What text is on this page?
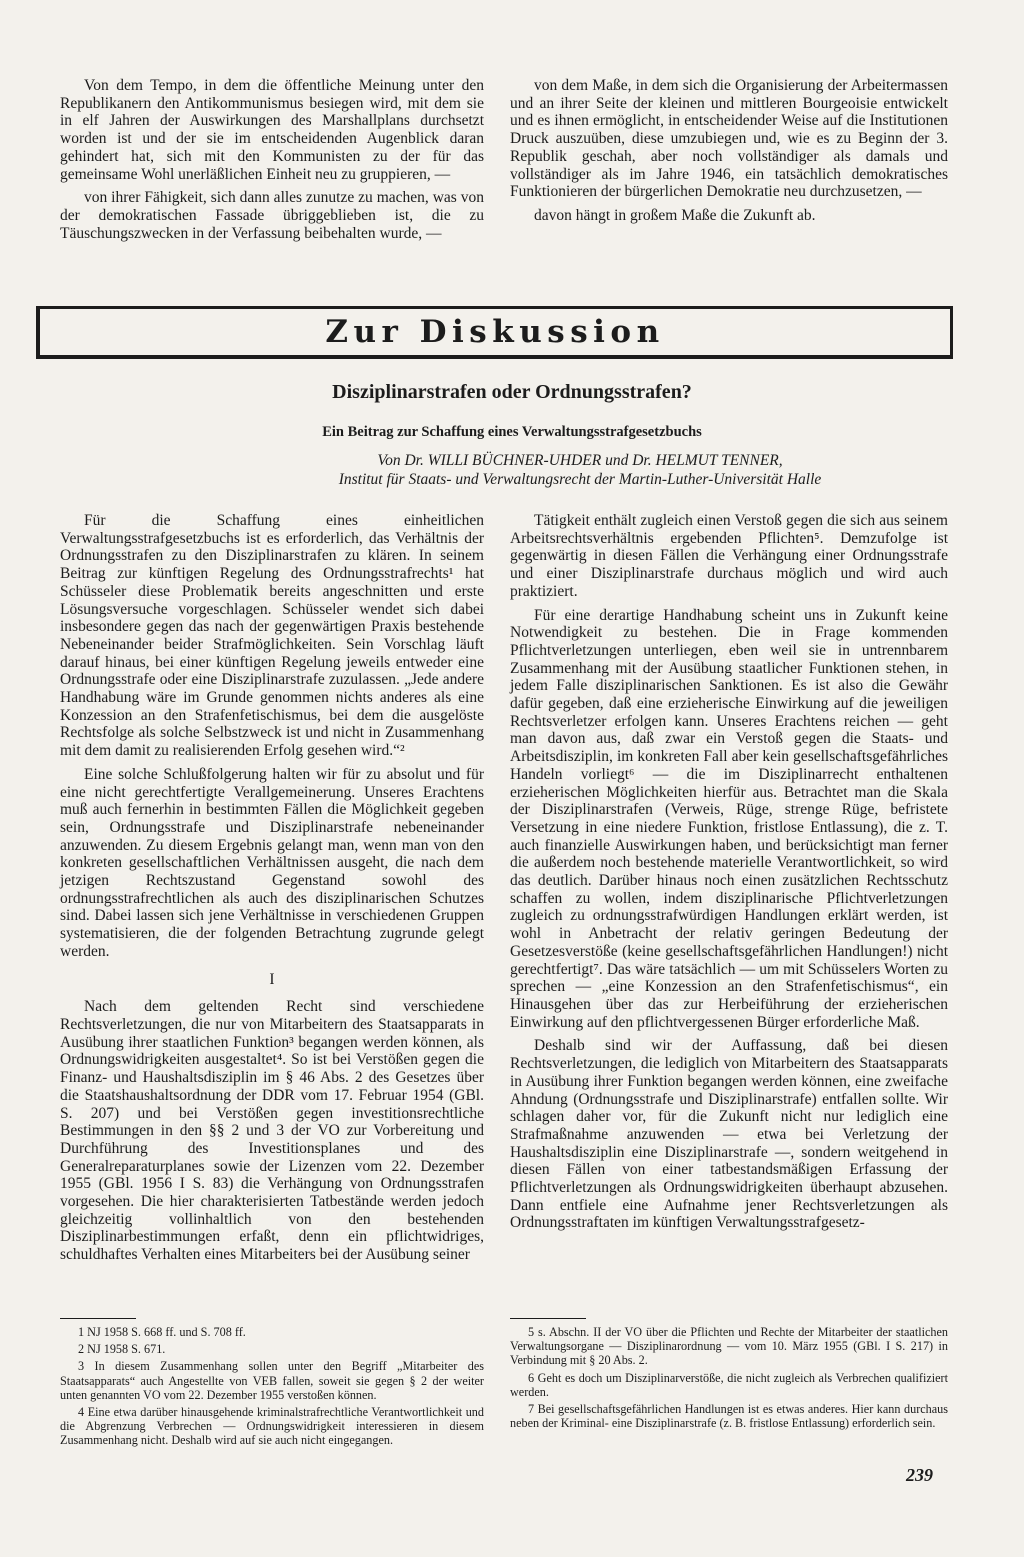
Von dem Tempo, in dem die öffentliche Meinung unter den Republikanern den Antikommunismus besiegen wird, mit dem sie in elf Jahren der Auswirkungen des Marshallplans durchsetzt worden ist und der sie im entscheidenden Augenblick daran gehindert hat, sich mit den Kommunisten zu der für das gemeinsame Wohl unerläßlichen Einheit neu zu gruppieren, —

von ihrer Fähigkeit, sich dann alles zunutze zu machen, was von der demokratischen Fassade übriggeblieben ist, die zu Täuschungszwecken in der Verfassung beibehalten wurde, —

von dem Maße, in dem sich die Organisierung der Arbeitermassen und an ihrer Seite der kleinen und mittleren Bourgeoisie entwickelt und es ihnen ermöglicht, in entscheidender Weise auf die Institutionen Druck auszuüben, diese umzubiegen und, wie es zu Beginn der 3. Republik geschah, aber noch vollständiger als damals und vollständiger als im Jahre 1946, ein tatsächlich demokratisches Funktionieren der bürgerlichen Demokratie neu durchzusetzen, —

davon hängt in großem Maße die Zukunft ab.

Zur Diskussion
Disziplinarstrafen oder Ordnungsstrafen?
Ein Beitrag zur Schaffung eines Verwaltungsstrafgesetzbuchs
Von Dr. WILLI BÜCHNER-UHDER und Dr. HELMUT TENNER,
Institut für Staats- und Verwaltungsrecht der Martin-Luther-Universität Halle

Für die Schaffung eines einheitlichen Verwaltungsstrafgesetzbuchs ist es erforderlich, das Verhältnis der Ordnungsstrafen zu den Disziplinarstrafen zu klären. In seinem Beitrag zur künftigen Regelung des Ordnungsstrafrechts¹ hat Schüsseler diese Problematik bereits angeschnitten und erste Lösungsversuche vorgeschlagen. Schüsseler wendet sich dabei insbesondere gegen das nach der gegenwärtigen Praxis bestehende Nebeneinander beider Strafmöglichkeiten. Sein Vorschlag läuft darauf hinaus, bei einer künftigen Regelung jeweils entweder eine Ordnungsstrafe oder eine Disziplinarstrafe zuzulassen. „Jede andere Handhabung wäre im Grunde genommen nichts anderes als eine Konzession an den Strafenfetischismus, bei dem die ausgelöste Rechtsfolge als solche Selbstzweck ist und nicht in Zusammenhang mit dem damit zu realisierenden Erfolg gesehen wird.“²

Eine solche Schlußfolgerung halten wir für zu absolut und für eine nicht gerechtfertigte Verallgemeinerung. Unseres Erachtens muß auch fernerhin in bestimmten Fällen die Möglichkeit gegeben sein, Ordnungsstrafe und Disziplinarstrafe nebeneinander anzuwenden. Zu diesem Ergebnis gelangt man, wenn man von den konkreten gesellschaftlichen Verhältnissen ausgeht, die nach dem jetzigen Rechtszustand Gegenstand sowohl des ordnungsstrafrechtlichen als auch des disziplinarischen Schutzes sind. Dabei lassen sich jene Verhältnisse in verschiedenen Gruppen systematisieren, die der folgenden Betrachtung zugrunde gelegt werden.

I

Nach dem geltenden Recht sind verschiedene Rechtsverletzungen, die nur von Mitarbeitern des Staatsapparats in Ausübung ihrer staatlichen Funktion³ begangen werden können, als Ordnungswidrigkeiten ausgestaltet⁴. So ist bei Verstößen gegen die Finanz- und Haushaltsdisziplin im § 46 Abs. 2 des Gesetzes über die Staatshaushaltsordnung der DDR vom 17. Februar 1954 (GBl. S. 207) und bei Verstößen gegen investitionsrechtliche Bestimmungen in den §§ 2 und 3 der VO zur Vorbereitung und Durchführung des Investitionsplanes und des Generalreparaturplanes sowie der Lizenzen vom 22. Dezember 1955 (GBl. 1956 I S. 83) die Verhängung von Ordnungsstrafen vorgesehen. Die hier charakterisierten Tatbestände werden jedoch gleichzeitig vollinhaltlich von den bestehenden Disziplinarbestimmungen erfaßt, denn ein pflichtwidriges, schuldhaftes Verhalten eines Mitarbeiters bei der Ausübung seiner

Tätigkeit enthält zugleich einen Verstoß gegen die sich aus seinem Arbeitsrechtsverhältnis ergebenden Pflichten⁵. Demzufolge ist gegenwärtig in diesen Fällen die Verhängung einer Ordnungsstrafe und einer Disziplinarstrafe durchaus möglich und wird auch praktiziert.

Für eine derartige Handhabung scheint uns in Zukunft keine Notwendigkeit zu bestehen. Die in Frage kommenden Pflichtverletzungen unterliegen, eben weil sie in untrennbarem Zusammenhang mit der Ausübung staatlicher Funktionen stehen, in jedem Falle disziplinarischen Sanktionen. Es ist also die Gewähr dafür gegeben, daß eine erzieherische Einwirkung auf die jeweiligen Rechtsverletzer erfolgen kann. Unseres Erachtens reichen — geht man davon aus, daß zwar ein Verstoß gegen die Staats- und Arbeitsdisziplin, im konkreten Fall aber kein gesellschaftsgefährliches Handeln vorliegt⁶ — die im Disziplinarrecht enthaltenen erzieherischen Möglichkeiten hierfür aus. Betrachtet man die Skala der Disziplinarstrafen (Verweis, Rüge, strenge Rüge, befristete Versetzung in eine niedere Funktion, fristlose Entlassung), die z. T. auch finanzielle Auswirkungen haben, und berücksichtigt man ferner die außerdem noch bestehende materielle Verantwortlichkeit, so wird das deutlich. Darüber hinaus noch einen zusätzlichen Rechtsschutz schaffen zu wollen, indem disziplinarische Pflichtverletzungen zugleich zu ordnungsstrafwürdigen Handlungen erklärt werden, ist wohl in Anbetracht der relativ geringen Bedeutung der Gesetzesverstöße (keine gesellschaftsgefährlichen Handlungen!) nicht gerechtfertigt⁷. Das wäre tatsächlich — um mit Schüsselers Worten zu sprechen — „eine Konzession an den Strafenfetischismus“, ein Hinausgehen über das zur Herbeiführung der erzieherischen Einwirkung auf den pflichtvergessenen Bürger erforderliche Maß.

Deshalb sind wir der Auffassung, daß bei diesen Rechtsverletzungen, die lediglich von Mitarbeitern des Staatsapparats in Ausübung ihrer Funktion begangen werden können, eine zweifache Ahndung (Ordnungsstrafe und Disziplinarstrafe) entfallen sollte. Wir schlagen daher vor, für die Zukunft nicht nur lediglich eine Strafmaßnahme anzuwenden — etwa bei Verletzung der Haushaltsdisziplin eine Disziplinarstrafe —, sondern weitgehend in diesen Fällen von einer tatbestandsmäßigen Erfassung der Pflichtverletzungen als Ordnungswidrigkeiten überhaupt abzusehen. Dann entfiele eine Aufnahme jener Rechtsverletzungen als Ordnungsstraftaten im künftigen Verwaltungsstrafgesetz-

1 NJ 1958 S. 668 ff. und S. 708 ff.

2 NJ 1958 S. 671.

3 In diesem Zusammenhang sollen unter den Begriff „Mitarbeiter des Staatsapparats“ auch Angestellte von VEB fallen, soweit sie gegen § 2 der weiter unten genannten VO vom 22. Dezember 1955 verstoßen können.

4 Eine etwa darüber hinausgehende kriminalstrafrechtliche Verantwortlichkeit und die Abgrenzung Verbrechen — Ordnungswidrigkeit interessieren in diesem Zusammenhang nicht. Deshalb wird auf sie auch nicht eingegangen.

5 s. Abschn. II der VO über die Pflichten und Rechte der Mitarbeiter der staatlichen Verwaltungsorgane — Disziplinarordnung — vom 10. März 1955 (GBl. I S. 217) in Verbindung mit § 20 Abs. 2.

6 Geht es doch um Disziplinarverstöße, die nicht zugleich als Verbrechen qualifiziert werden.

7 Bei gesellschaftsgefährlichen Handlungen ist es etwas anderes. Hier kann durchaus neben der Kriminal- eine Disziplinarstrafe (z. B. fristlose Entlassung) erforderlich sein.

239
